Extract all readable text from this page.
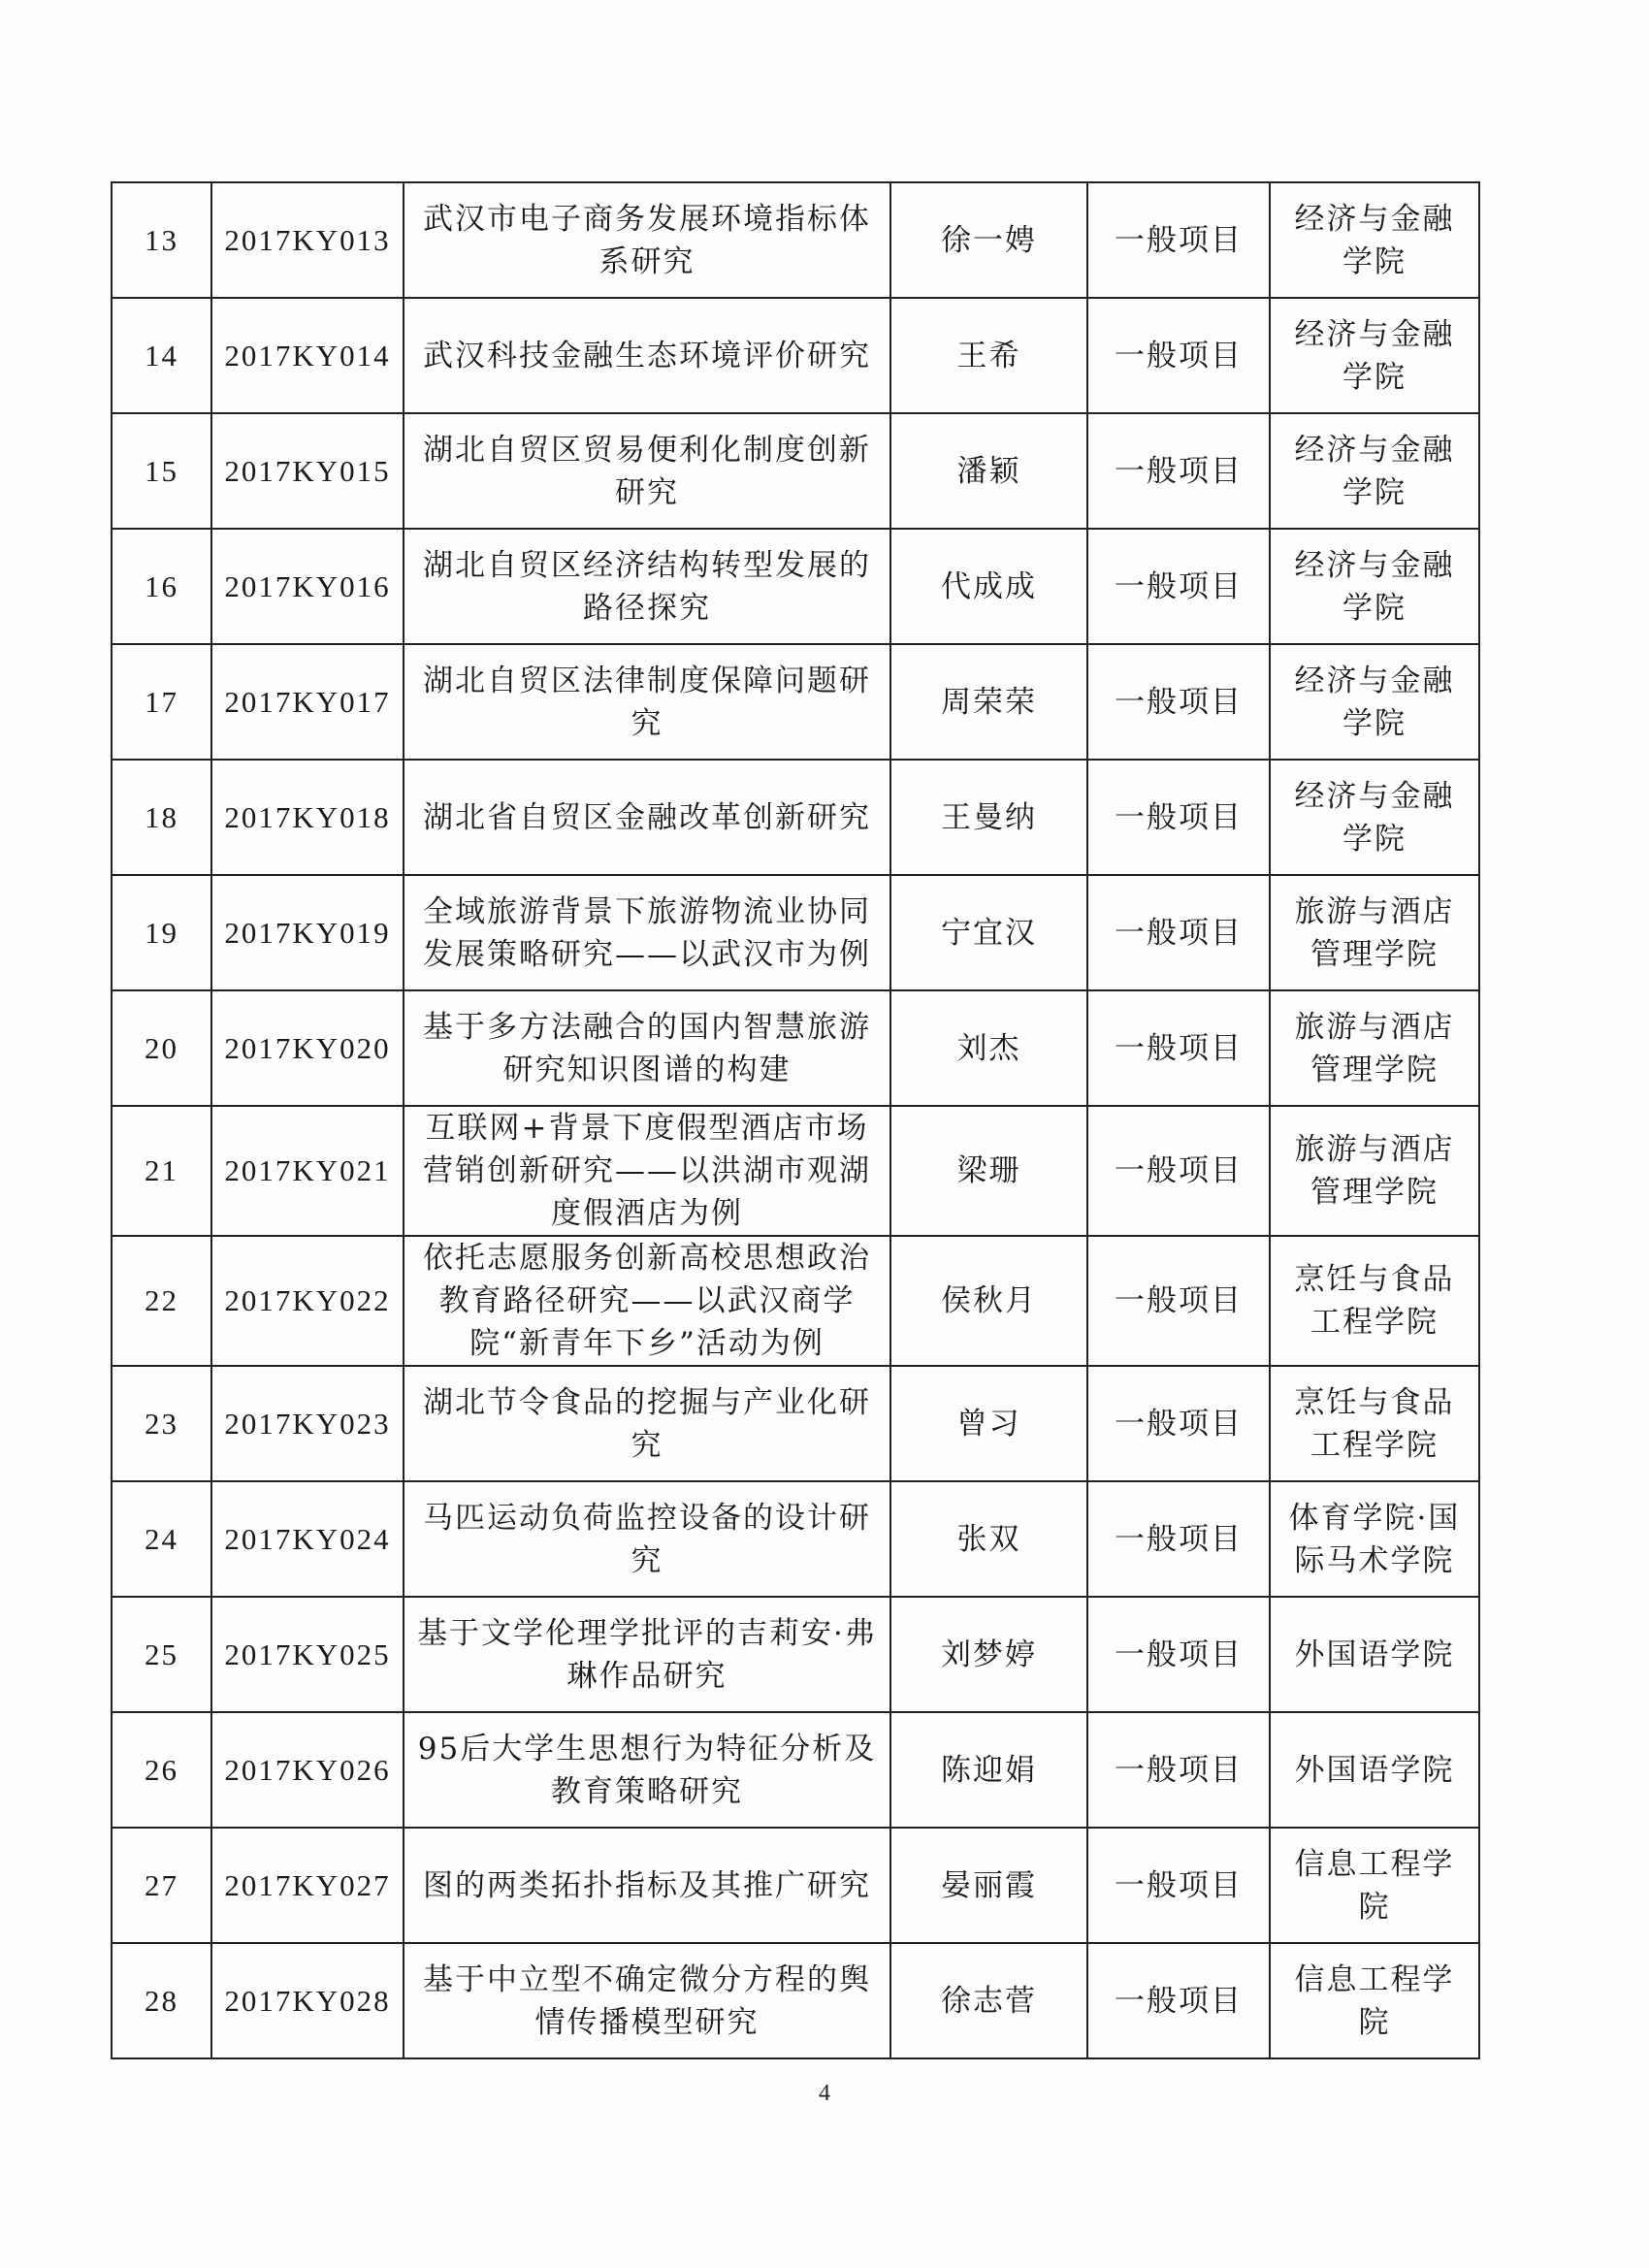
13	2017KY013	武汉市电子商务发展环境指标体系研究	徐一娉	一般项目	经济与金融学院
14	2017KY014	武汉科技金融生态环境评价研究	王希	一般项目	经济与金融学院
15	2017KY015	湖北自贸区贸易便利化制度创新研究	潘颖	一般项目	经济与金融学院
16	2017KY016	湖北自贸区经济结构转型发展的路径探究	代成成	一般项目	经济与金融学院
17	2017KY017	湖北自贸区法律制度保障问题研究	周荣荣	一般项目	经济与金融学院
18	2017KY018	湖北省自贸区金融改革创新研究	王曼纳	一般项目	经济与金融学院
19	2017KY019	全域旅游背景下旅游物流业协同发展策略研究——以武汉市为例	宁宜汉	一般项目	旅游与酒店管理学院
20	2017KY020	基于多方法融合的国内智慧旅游研究知识图谱的构建	刘杰	一般项目	旅游与酒店管理学院
21	2017KY021	互联网+背景下度假型酒店市场营销创新研究——以洪湖市观湖度假酒店为例	梁珊	一般项目	旅游与酒店管理学院
22	2017KY022	依托志愿服务创新高校思想政治教育路径研究——以武汉商学院“新青年下乡”活动为例	侯秋月	一般项目	烹饪与食品工程学院
23	2017KY023	湖北节令食品的挖掘与产业化研究	曾习	一般项目	烹饪与食品工程学院
24	2017KY024	马匹运动负荷监控设备的设计研究	张双	一般项目	体育学院·国际马术学院
25	2017KY025	基于文学伦理学批评的吉莉安·弗琳作品研究	刘梦婷	一般项目	外国语学院
26	2017KY026	95后大学生思想行为特征分析及教育策略研究	陈迎娟	一般项目	外国语学院
27	2017KY027	图的两类拓扑指标及其推广研究	晏丽霞	一般项目	信息工程学院
28	2017KY028	基于中立型不确定微分方程的舆情传播模型研究	徐志菅	一般项目	信息工程学院
4
